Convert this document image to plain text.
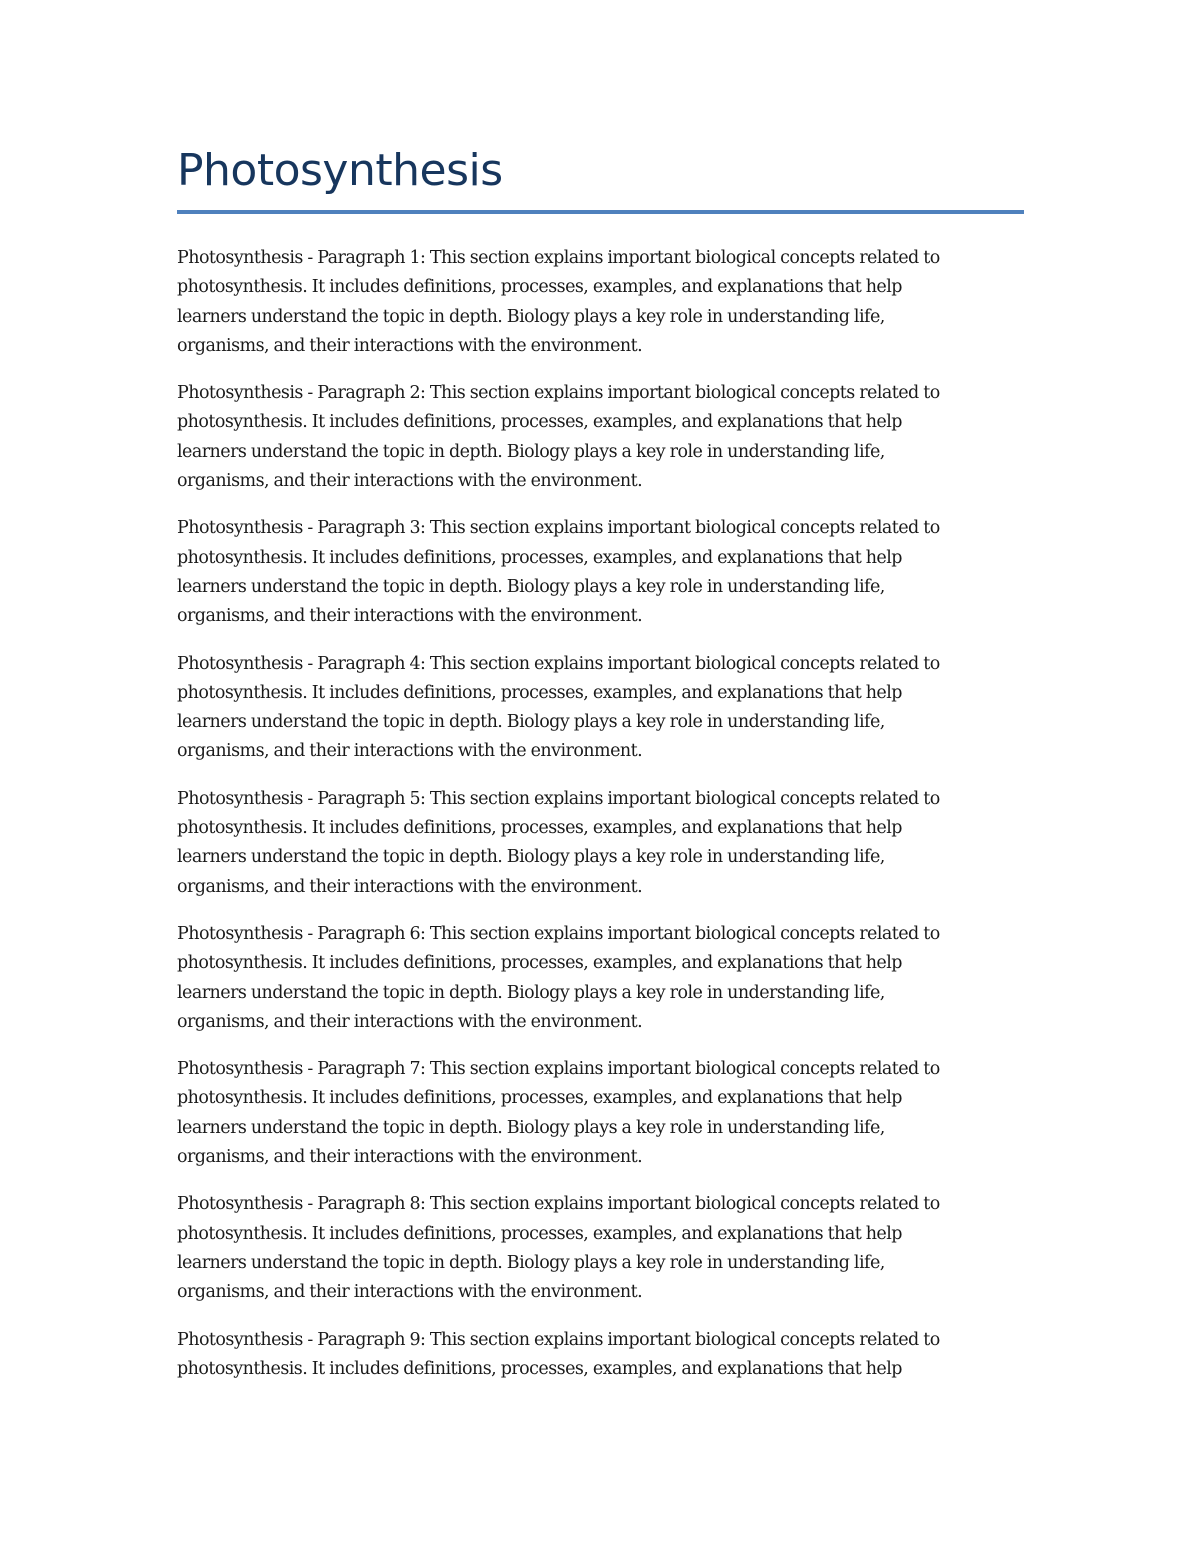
Photosynthesis
Photosynthesis - Paragraph 1: This section explains important biological concepts related to
photosynthesis. It includes definitions, processes, examples, and explanations that help
learners understand the topic in depth. Biology plays a key role in understanding life,
organisms, and their interactions with the environment.
Photosynthesis - Paragraph 2: This section explains important biological concepts related to
photosynthesis. It includes definitions, processes, examples, and explanations that help
learners understand the topic in depth. Biology plays a key role in understanding life,
organisms, and their interactions with the environment.
Photosynthesis - Paragraph 3: This section explains important biological concepts related to
photosynthesis. It includes definitions, processes, examples, and explanations that help
learners understand the topic in depth. Biology plays a key role in understanding life,
organisms, and their interactions with the environment.
Photosynthesis - Paragraph 4: This section explains important biological concepts related to
photosynthesis. It includes definitions, processes, examples, and explanations that help
learners understand the topic in depth. Biology plays a key role in understanding life,
organisms, and their interactions with the environment.
Photosynthesis - Paragraph 5: This section explains important biological concepts related to
photosynthesis. It includes definitions, processes, examples, and explanations that help
learners understand the topic in depth. Biology plays a key role in understanding life,
organisms, and their interactions with the environment.
Photosynthesis - Paragraph 6: This section explains important biological concepts related to
photosynthesis. It includes definitions, processes, examples, and explanations that help
learners understand the topic in depth. Biology plays a key role in understanding life,
organisms, and their interactions with the environment.
Photosynthesis - Paragraph 7: This section explains important biological concepts related to
photosynthesis. It includes definitions, processes, examples, and explanations that help
learners understand the topic in depth. Biology plays a key role in understanding life,
organisms, and their interactions with the environment.
Photosynthesis - Paragraph 8: This section explains important biological concepts related to
photosynthesis. It includes definitions, processes, examples, and explanations that help
learners understand the topic in depth. Biology plays a key role in understanding life,
organisms, and their interactions with the environment.
Photosynthesis - Paragraph 9: This section explains important biological concepts related to
photosynthesis. It includes definitions, processes, examples, and explanations that help
